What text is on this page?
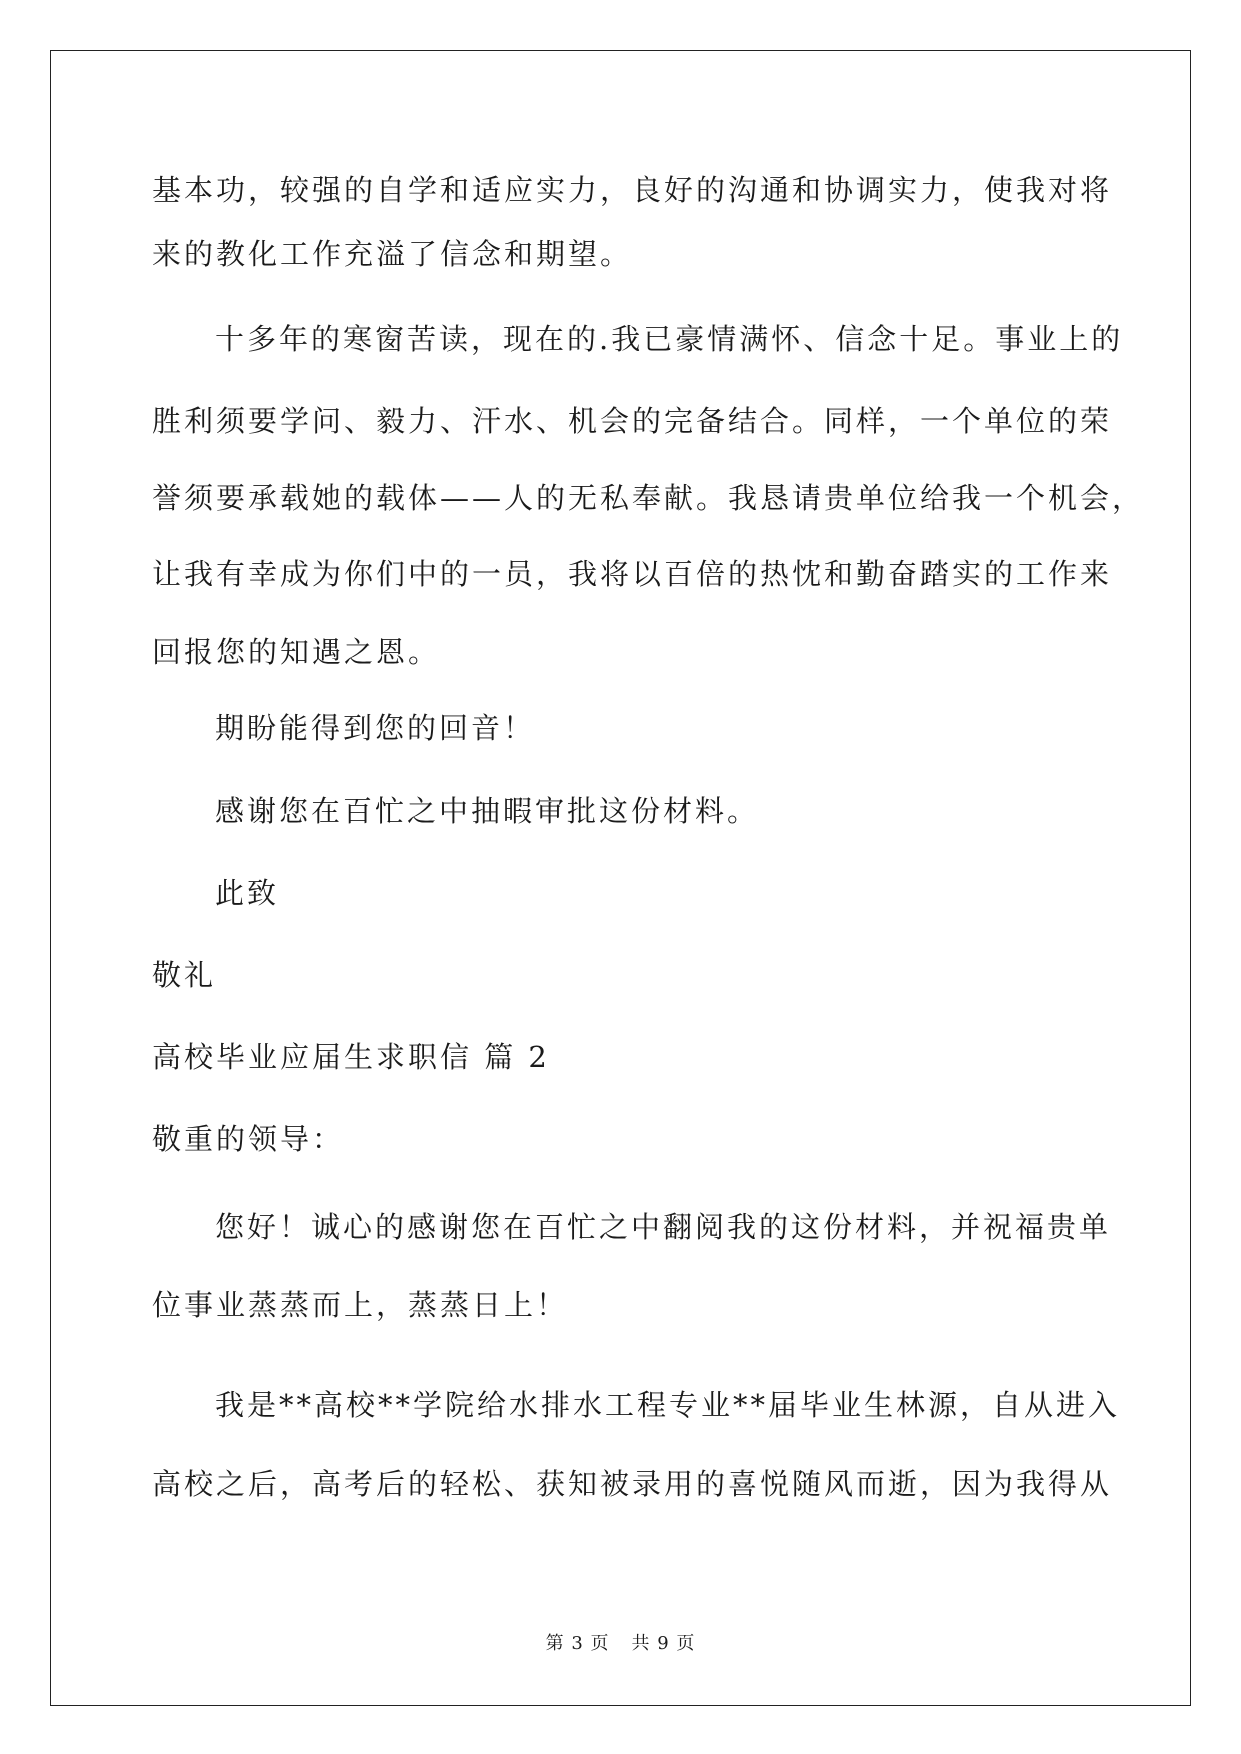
基本功，较强的自学和适应实力，良好的沟通和协调实力，使我对将
来的教化工作充溢了信念和期望。
十多年的寒窗苦读，现在的.我已豪情满怀、信念十足。事业上的
胜利须要学问、毅力、汗水、机会的完备结合。同样，一个单位的荣
誉须要承载她的载体——人的无私奉献。我恳请贵单位给我一个机会，
让我有幸成为你们中的一员，我将以百倍的热忱和勤奋踏实的工作来
回报您的知遇之恩。
期盼能得到您的回音！
感谢您在百忙之中抽暇审批这份材料。
此致
敬礼
高校毕业应届生求职信 篇 2
敬重的领导：
您好！诚心的感谢您在百忙之中翻阅我的这份材料，并祝福贵单
位事业蒸蒸而上，蒸蒸日上！
我是**高校**学院给水排水工程专业**届毕业生林源，自从进入
高校之后，高考后的轻松、获知被录用的喜悦随风而逝，因为我得从
第 3 页 共 9 页
